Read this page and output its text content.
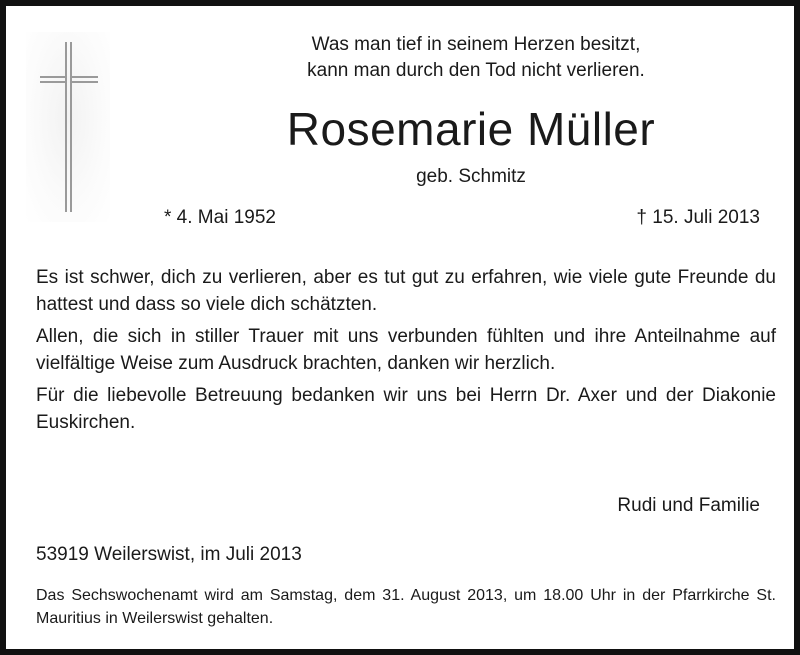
Was man tief in seinem Herzen besitzt,
kann man durch den Tod nicht verlieren.
Rosemarie Müller
geb. Schmitz
* 4. Mai 1952	† 15. Juli 2013

Es ist schwer, dich zu verlieren, aber es tut gut zu erfahren, wie viele gute Freunde du hattest und dass so viele dich schätzten.

Allen, die sich in stiller Trauer mit uns verbunden fühlten und ihre Anteilnahme auf vielfältige Weise zum Ausdruck brachten, danken wir herzlich.

Für die liebevolle Betreuung bedanken wir uns bei Herrn Dr. Axer und der Diakonie Euskirchen.

Rudi und Familie
53919 Weilerswist, im Juli 2013
Das Sechswochenamt wird am Samstag, dem 31. August 2013, um 18.00 Uhr in der Pfarrkirche St. Mauritius in Weilerswist gehalten.
